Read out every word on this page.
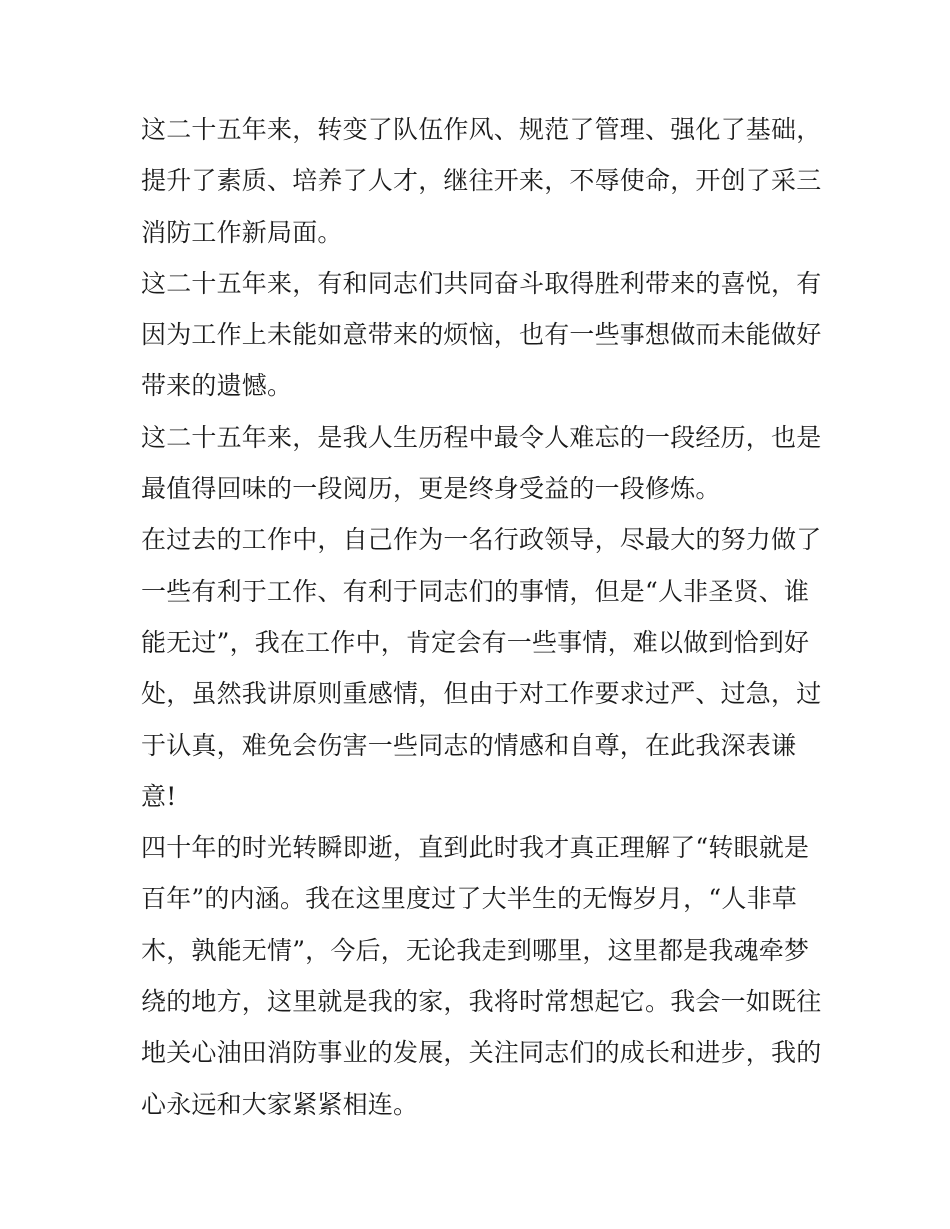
这二十五年来，转变了队伍作风、规范了管理、强化了基础，
提升了素质、培养了人才，继往开来，不辱使命，开创了采三
消防工作新局面。

这二十五年来，有和同志们共同奋斗取得胜利带来的喜悦，有
因为工作上未能如意带来的烦恼，也有一些事想做而未能做好
带来的遗憾。

这二十五年来，是我人生历程中最令人难忘的一段经历，也是
最值得回味的一段阅历，更是终身受益的一段修炼。

在过去的工作中，自己作为一名行政领导，尽最大的努力做了
一些有利于工作、有利于同志们的事情，但是“人非圣贤、谁
能无过”，我在工作中，肯定会有一些事情，难以做到恰到好
处，虽然我讲原则重感情，但由于对工作要求过严、过急，过
于认真，难免会伤害一些同志的情感和自尊，在此我深表谦
意!

四十年的时光转瞬即逝，直到此时我才真正理解了“转眼就是
百年”的内涵。我在这里度过了大半生的无悔岁月，“人非草
木，孰能无情”，今后，无论我走到哪里，这里都是我魂牵梦
绕的地方，这里就是我的家，我将时常想起它。我会一如既往
地关心油田消防事业的发展，关注同志们的成长和进步，我的
心永远和大家紧紧相连。
